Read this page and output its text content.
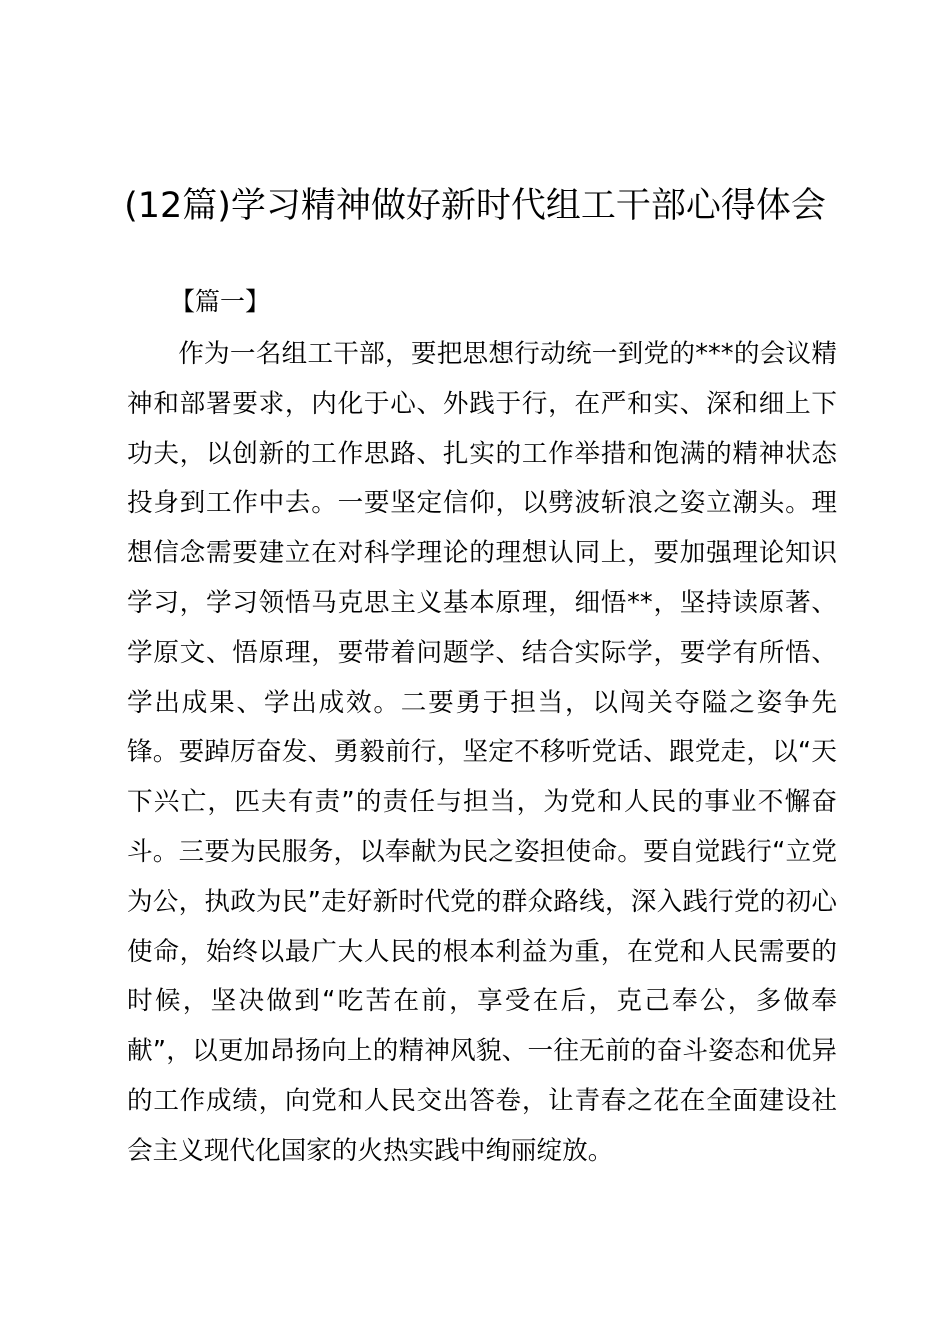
(12篇)学习精神做好新时代组工干部心得体会

【篇一】

作为一名组工干部，要把思想行动统一到党的***的会议精神和部署要求，内化于心、外践于行，在严和实、深和细上下功夫，以创新的工作思路、扎实的工作举措和饱满的精神状态投身到工作中去。一要坚定信仰，以劈波斩浪之姿立潮头。理想信念需要建立在对科学理论的理想认同上，要加强理论知识学习，学习领悟马克思主义基本原理，细悟**，坚持读原著、学原文、悟原理，要带着问题学、结合实际学，要学有所悟、学出成果、学出成效。二要勇于担当，以闯关夺隘之姿争先锋。要踔厉奋发、勇毅前行，坚定不移听党话、跟党走，以“天下兴亡，匹夫有责”的责任与担当，为党和人民的事业不懈奋斗。三要为民服务，以奉献为民之姿担使命。要自觉践行“立党为公，执政为民”走好新时代党的群众路线，深入践行党的初心使命，始终以最广大人民的根本利益为重，在党和人民需要的时候，坚决做到“吃苦在前，享受在后，克己奉公，多做奉献”，以更加昂扬向上的精神风貌、一往无前的奋斗姿态和优异的工作成绩，向党和人民交出答卷，让青春之花在全面建设社会主义现代化国家的火热实践中绚丽绽放。
